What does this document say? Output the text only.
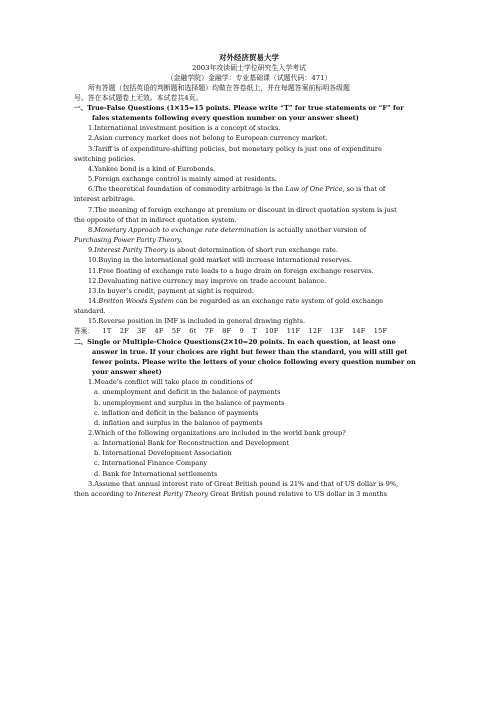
对外经济贸易大学
2003年攻读硕士学位研究生入学考试
（金融学院）金融学：专业基础课（试题代码：471）
所有答题（包括英语的判断题和选择题）均做在答卷纸上，并在每题答案前标明各级题
号。答在本试题卷上无效。本试卷共4页。
一、True-False Questions (1✕15=15 points. Please write “T” for true statements or “F” for
fales statements following every question number on your answer sheet)
1.International investment position is a concept of stocks.
2.Asian currency market does not belong to European currency market.
3.Tariff is of expenditure-shifting policies, but monetary policy is just one of expenditure
switching policies.
4.Yankee bond is a kind of Eurobonds.
5.Foreign exchange control is mainly aimed at residents.
6.The theoretical foundation of commodity arbitrage is the Law of One Price, so is that of
interest arbitrage.
7.The meaning of foreign exchange at premium or discount in direct quotation system is just
the opposite of that in indirect quotation system.
8.Monetary Approach to exchange rate determination is actually another version of
Purchasing Power Parity Theory.
9.Interest Parity Theory is about determination of short run exchange rate.
10.Buying in the international gold market will increase international reserves.
11.Free floating of exchange rate leads to a huge drain on foreign exchange reserves.
12.Devaluating native currency may improve on trade account balance.
13.In buyer’s credit, payment at sight is required.
14.Bretton Woods System can be regarded as an exchange rate system of gold exchange
standard.
15.Reverse position in IMF is included in general drawing rights.
答案： 1T 2F 3F 4F 5F 6t 7F 8F 9 T 10F 11F 12F 13F 14F 15F
二、Single or Multiple-Choice Questions(2✕10=20 points. In each question, at least one
answer in true. If your choices are right but fewer than the standard, you will still get
fewer points. Please write the letters of your choice following every question number on
your answer sheet)
1.Meade’s conflict will take place in conditions of
a. unemployment and deficit in the balance of payments
b. unemployment and surplus in the balance of payments
c. inflation and deficit in the balance of payments
d. inflation and surplus in the balance of payments
2.Which of the following organizations are included in the world bank group?
a. International Bank for Reconstruction and Development
b. International Development Association
c. International Finance Company
d. Bank for International settlements
3.Assume that annual interest rate of Great British pound is 21% and that of US dollar is 9%,
then according to Interest Parity Theory Great British pound relative to US dollar in 3 months
